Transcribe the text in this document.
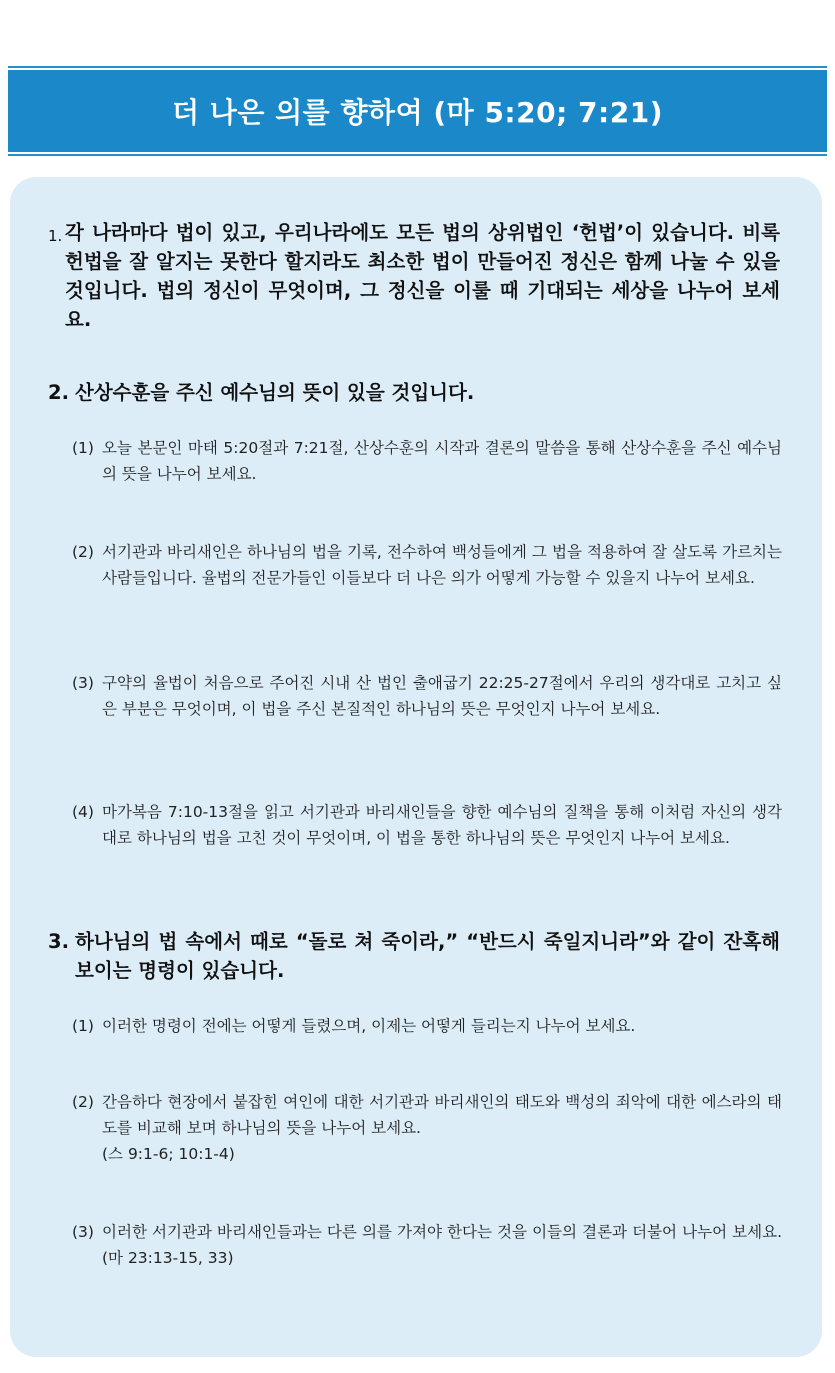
더 나은 의를 향하여 (마 5:20; 7:21)
1. 각 나라마다 법이 있고, 우리나라에도 모든 법의 상위법인 ‘헌법’이 있습니다. 비록 헌법을 잘 알지는 못한다 할지라도 최소한 법이 만들어진 정신은 함께 나눌 수 있을 것입니다. 법의 정신이 무엇이며, 그 정신을 이룰 때 기대되는 세상을 나누어 보세요.
2. 산상수훈을 주신 예수님의 뜻이 있을 것입니다.
(1) 오늘 본문인 마태 5:20절과 7:21절, 산상수훈의 시작과 결론의 말씀을 통해 산상수훈을 주신 예수님의 뜻을 나누어 보세요.
(2) 서기관과 바리새인은 하나님의 법을 기록, 전수하여 백성들에게 그 법을 적용하여 잘 살도록 가르치는 사람들입니다. 율법의 전문가들인 이들보다 더 나은 의가 어떻게 가능할 수 있을지 나누어 보세요.
(3) 구약의 율법이 처음으로 주어진 시내 산 법인 출애굽기 22:25-27절에서 우리의 생각대로 고치고 싶은 부분은 무엇이며, 이 법을 주신 본질적인 하나님의 뜻은 무엇인지 나누어 보세요.
(4) 마가복음 7:10-13절을 읽고 서기관과 바리새인들을 향한 예수님의 질책을 통해 이처럼 자신의 생각대로 하나님의 법을 고친 것이 무엇이며, 이 법을 통한 하나님의 뜻은 무엇인지 나누어 보세요.
3. 하나님의 법 속에서 때로 “돌로 쳐 죽이라,” “반드시 죽일지니라”와 같이 잔혹해 보이는 명령이 있습니다.
(1) 이러한 명령이 전에는 어떻게 들렸으며, 이제는 어떻게 들리는지 나누어 보세요.
(2) 간음하다 현장에서 붙잡힌 여인에 대한 서기관과 바리새인의 태도와 백성의 죄악에 대한 에스라의 태도를 비교해 보며 하나님의 뜻을 나누어 보세요.
(스 9:1-6; 10:1-4)
(3) 이러한 서기관과 바리새인들과는 다른 의를 가져야 한다는 것을 이들의 결론과 더불어 나누어 보세요.(마 23:13-15, 33)
